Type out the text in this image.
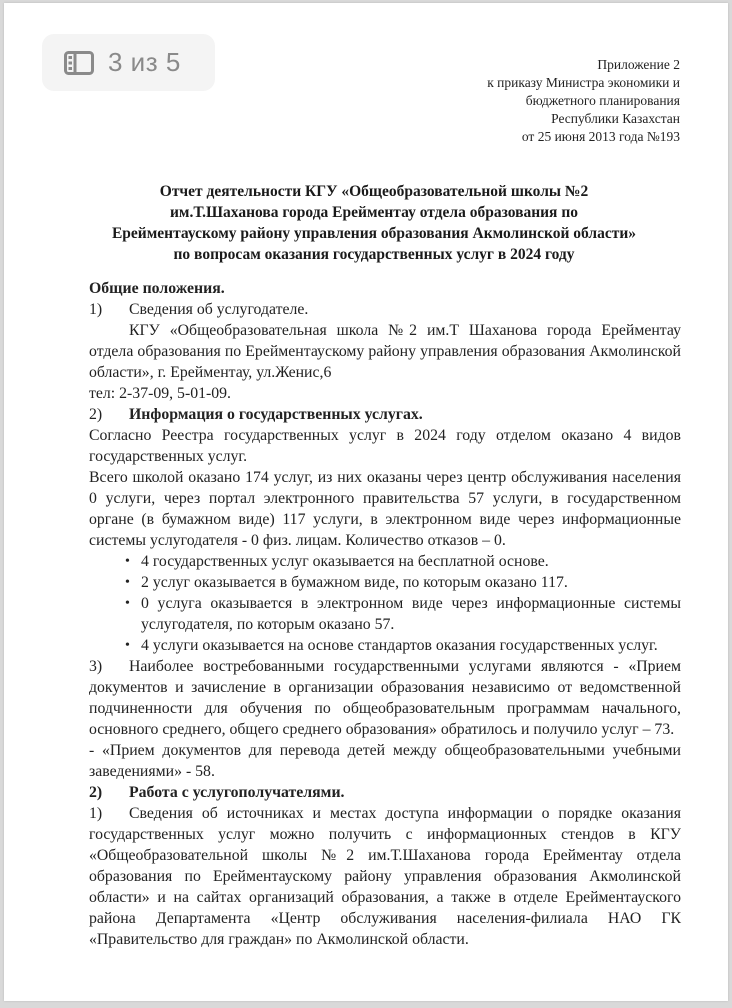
3 из 5	Приложение 2
к приказу Министра экономики и
бюджетного планирования
Республики Казахстан
от 25 июня 2013 года №193
Отчет деятельности КГУ «Общеобразовательной школы №2
им.Т.Шаханова города Ерейментау отдела образования по
Ерейментаускому району управления образования Акмолинской области»
по вопросам оказания государственных услуг в 2024 году

Общие положения.

1)	Сведения об услугодателе.

КГУ «Общеобразовательная школа №2 им.Т Шаханова города Ерейментау отдела образования по Ерейментаускому району управления образования Акмолинской области», г. Ерейментау, ул.Женис,6

тел: 2-37-09, 5-01-09.

2)	Информация о государственных услугах.

Согласно Реестра государственных услуг в 2024 году отделом оказано 4 видов государственных услуг.

Всего школой оказано 174 услуг, из них оказаны через центр обслуживания населения 0 услуги, через портал электронного правительства 57 услуги, в государственном органе (в бумажном виде) 117 услуги, в электронном виде через информационные системы услугодателя - 0 физ. лицам. Количество отказов – 0.

• 4 государственных услуг оказывается на бесплатной основе.
• 2 услуг оказывается в бумажном виде, по которым оказано 117.
• 0 услуга оказывается в электронном виде через информационные системы услугодателя, по которым оказано 57.
• 4 услуги оказывается на основе стандартов оказания государственных услуг.

3) Наиболее востребованными государственными услугами являются - «Прием документов и зачисление в организации образования независимо от ведомственной подчиненности для обучения по общеобразовательным программам начального, основного среднего, общего среднего образования» обратилось и получило услуг – 73.

- «Прием документов для перевода детей между общеобразовательными учебными заведениями» - 58.

2)	Работа с услугополучателями.

1) Сведения об источниках и местах доступа информации о порядке оказания государственных услуг можно получить с информационных стендов в КГУ «Общеобразовательной школы №2 им.Т.Шаханова города Ерейментау отдела образования по Ерейментаускому району управления образования Акмолинской области» и на сайтах организаций образования, а также в отделе Ерейментауского района Департамента «Центр обслуживания населения-филиала НАО ГК «Правительство для граждан» по Акмолинской области.
